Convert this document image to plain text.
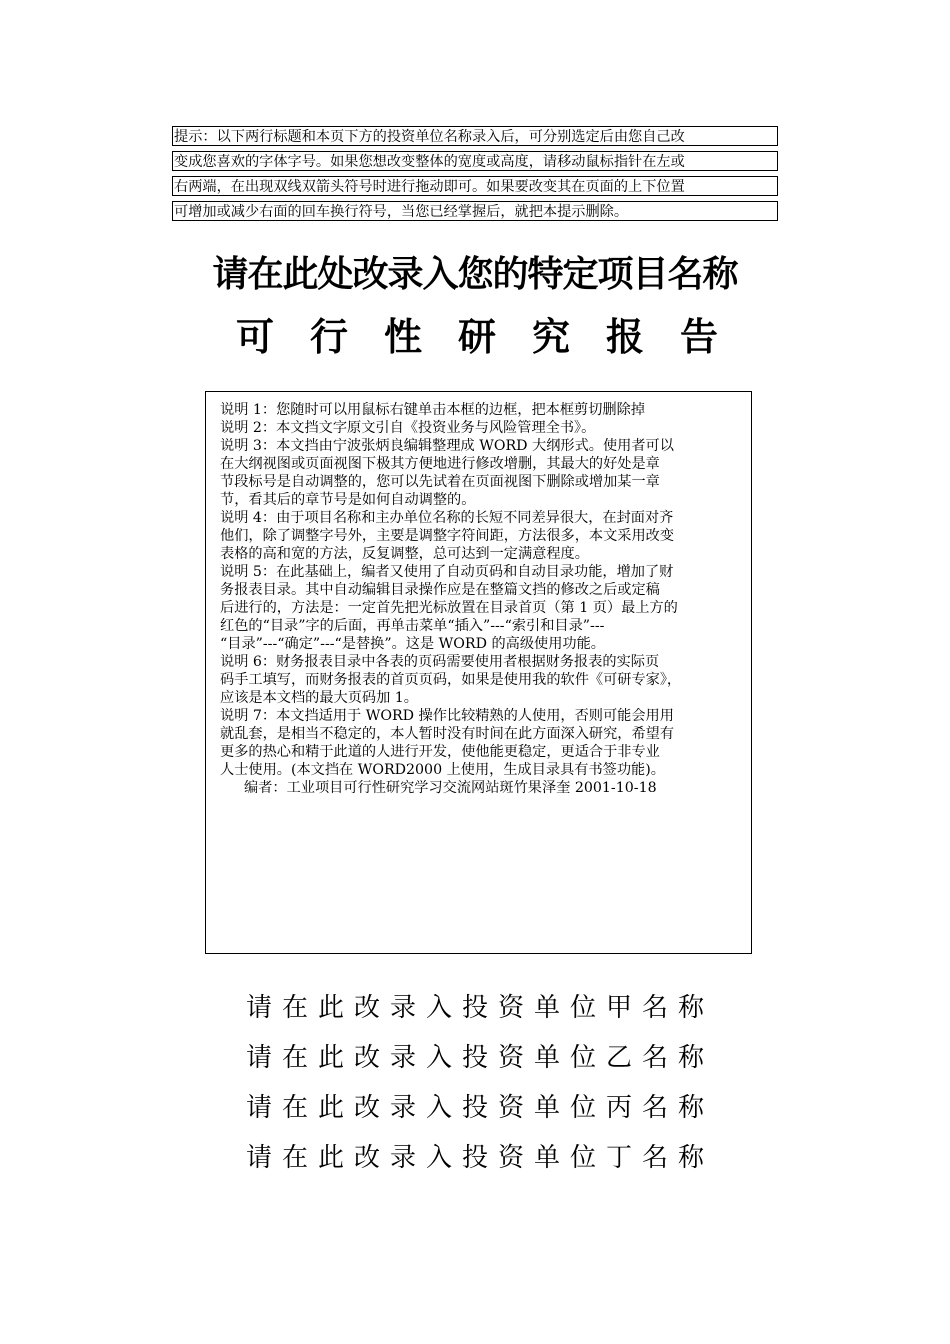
提示：以下两行标题和本页下方的投资单位名称录入后，可分别选定后由您自己改
变成您喜欢的字体字号。如果您想改变整体的宽度或高度，请移动鼠标指针在左或
右两端，在出现双线双箭头符号时进行拖动即可。如果要改变其在页面的上下位置
可增加或减少右面的回车换行符号，当您已经掌握后，就把本提示删除。
请在此处改录入您的特定项目名称
可行性研究报告
说明 1：您随时可以用鼠标右键单击本框的边框，把本框剪切删除掉
说明 2：本文挡文字原文引自《投资业务与风险管理全书》。
说明 3：本文挡由宁波张炳良编辑整理成 WORD 大纲形式。使用者可以
在大纲视图或页面视图下极其方便地进行修改增删，其最大的好处是章
节段标号是自动调整的，您可以先试着在页面视图下删除或增加某一章
节，看其后的章节号是如何自动调整的。
说明 4：由于项目名称和主办单位名称的长短不同差异很大，在封面对齐
他们，除了调整字号外，主要是调整字符间距，方法很多，本文采用改变
表格的高和宽的方法，反复调整，总可达到一定满意程度。
说明 5：在此基础上，编者又使用了自动页码和自动目录功能，增加了财
务报表目录。其中自动编辑目录操作应是在整篇文挡的修改之后或定稿
后进行的，方法是：一定首先把光标放置在目录首页（第 1 页）最上方的
红色的“目录”字的后面，再单击菜单“插入”---“索引和目录”---
“目录”---“确定”---“是替换”。这是 WORD 的高级使用功能。
说明 6：财务报表目录中各表的页码需要使用者根据财务报表的实际页
码手工填写，而财务报表的首页页码，如果是使用我的软件《可研专家》，
应该是本文档的最大页码加 1。
说明 7：本文挡适用于 WORD 操作比较精熟的人使用，否则可能会用用
就乱套，是相当不稳定的，本人暂时没有时间在此方面深入研究，希望有
更多的热心和精于此道的人进行开发，使他能更稳定，更适合于非专业
人士使用。(本文挡在 WORD2000 上使用，生成目录具有书签功能)。
编者：工业项目可行性研究学习交流网站斑竹果泽奎 2001-10-18
请在此改录入投资单位甲名称
请在此改录入投资单位乙名称
请在此改录入投资单位丙名称
请在此改录入投资单位丁名称
